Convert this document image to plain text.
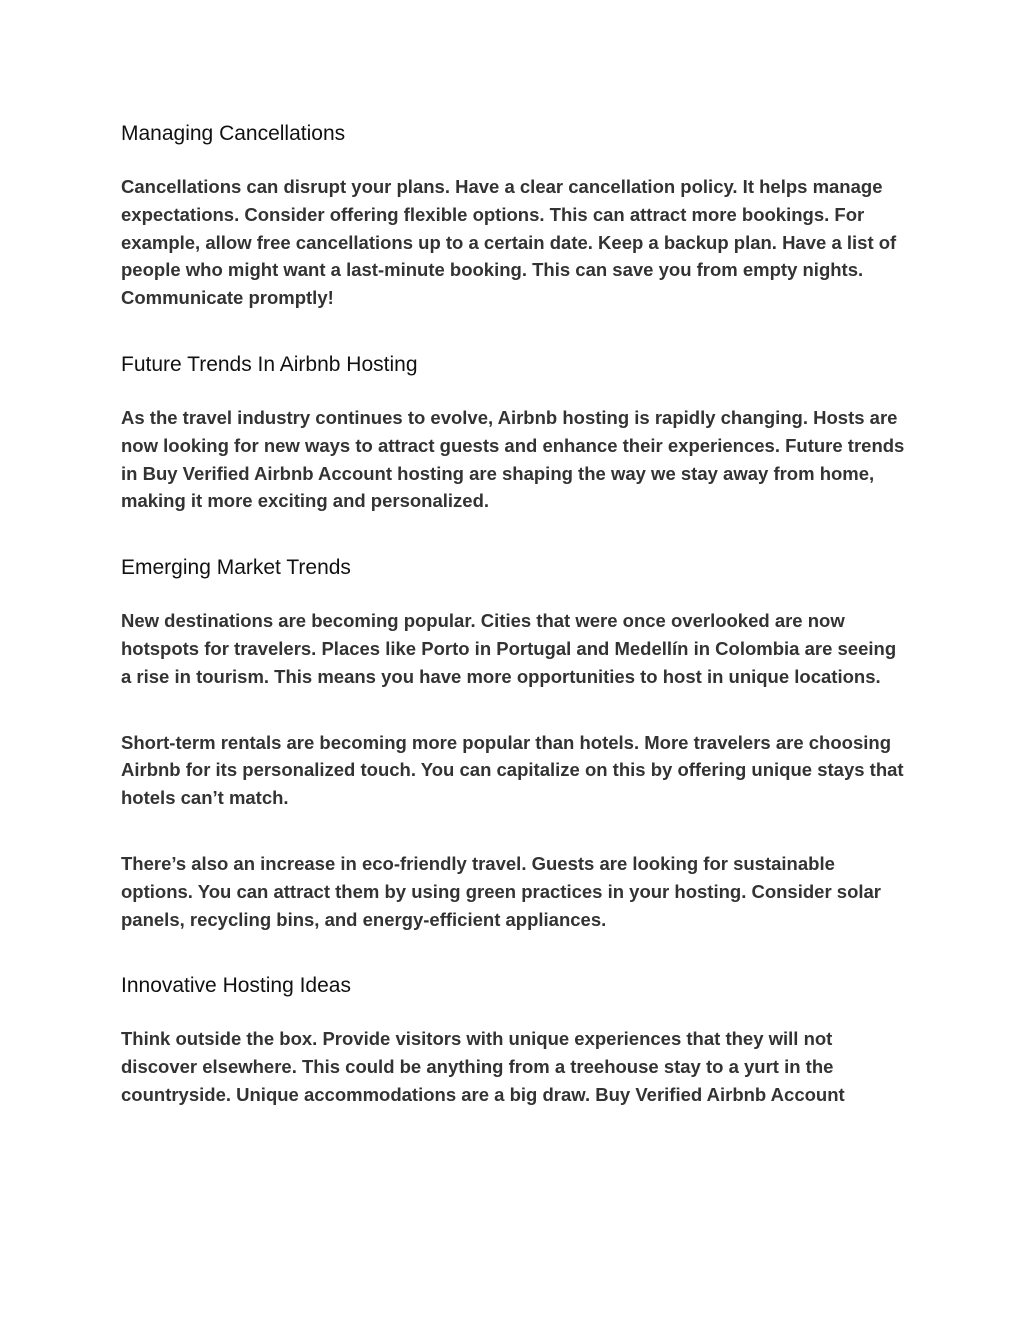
Managing Cancellations

Cancellations can disrupt your plans. Have a clear cancellation policy. It helps manage expectations. Consider offering flexible options. This can attract more bookings. For example, allow free cancellations up to a certain date. Keep a backup plan. Have a list of people who might want a last-minute booking. This can save you from empty nights. Communicate promptly!

Future Trends In Airbnb Hosting

As the travel industry continues to evolve, Airbnb hosting is rapidly changing. Hosts are now looking for new ways to attract guests and enhance their experiences. Future trends in Buy Verified Airbnb Account hosting are shaping the way we stay away from home, making it more exciting and personalized.

Emerging Market Trends

New destinations are becoming popular. Cities that were once overlooked are now hotspots for travelers. Places like Porto in Portugal and Medellín in Colombia are seeing a rise in tourism. This means you have more opportunities to host in unique locations.

Short-term rentals are becoming more popular than hotels. More travelers are choosing Airbnb for its personalized touch. You can capitalize on this by offering unique stays that hotels can’t match.

There’s also an increase in eco-friendly travel. Guests are looking for sustainable options. You can attract them by using green practices in your hosting. Consider solar panels, recycling bins, and energy-efficient appliances.

Innovative Hosting Ideas

Think outside the box. Provide visitors with unique experiences that they will not discover elsewhere. This could be anything from a treehouse stay to a yurt in the countryside. Unique accommodations are a big draw. Buy Verified Airbnb Account
